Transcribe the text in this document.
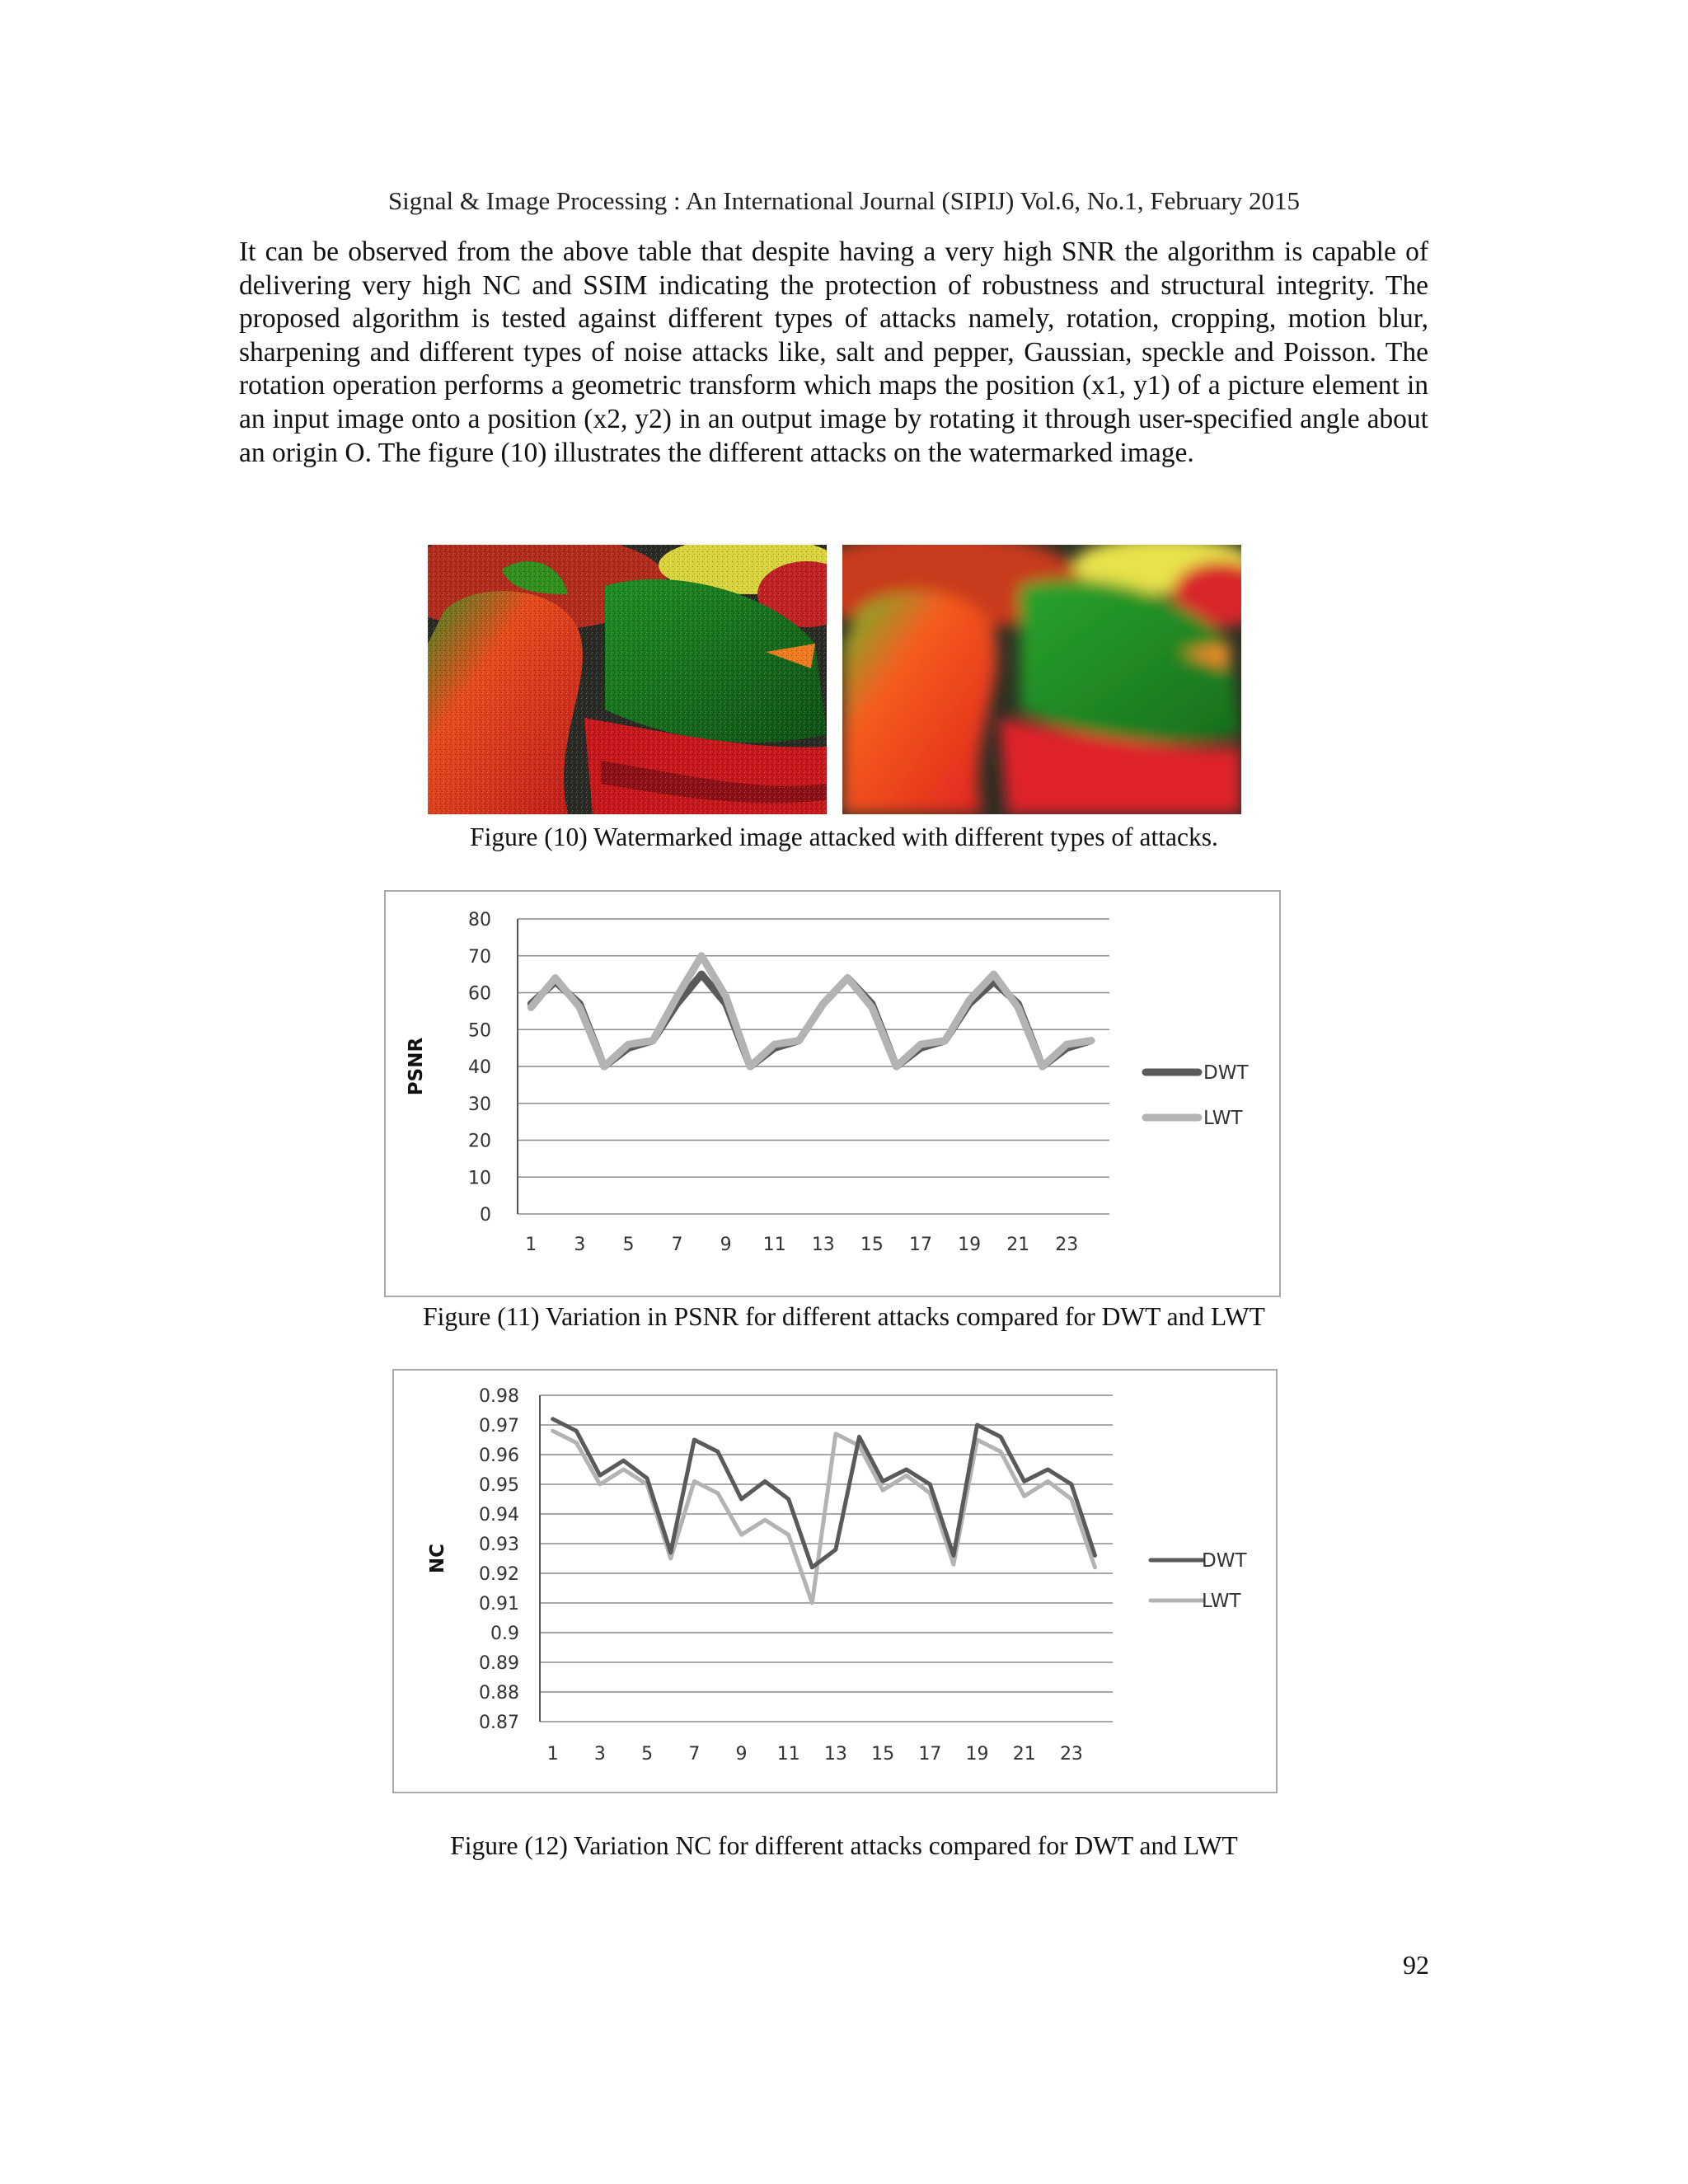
Signal & Image Processing : An International Journal (SIPIJ) Vol.6, No.1, February 2015
It can be observed from the above table that despite having a very high SNR the algorithm is capable of delivering very high NC and SSIM indicating the protection of robustness and structural integrity. The proposed algorithm is tested against different types of attacks namely, rotation, cropping, motion blur, sharpening and different types of noise attacks like, salt and pepper, Gaussian, speckle and Poisson. The rotation operation performs a geometric transform which maps the position (x1, y1) of a picture element in an input image onto a position (x2, y2) in an output image by rotating it through user-specified angle about an origin O. The figure (10) illustrates the different attacks on the watermarked image.
Figure (10) Watermarked image attacked with different types of attacks.
0
10
20
30
40
50
60
70
80
1 3 5 7 9 11 13 15 17 19 21 23
PSNR	DWT
LWT
Figure (11) Variation in PSNR for different attacks compared for DWT and LWT
0.87
0.88
0.89
0.9
0.91
0.92
0.93
0.94
0.95
0.96
0.97
0.98
1 3 5 7 9 11 13 15 17 19 21 23
NC	DWT
LWT
Figure (12) Variation NC for different attacks compared for DWT and LWT
92
